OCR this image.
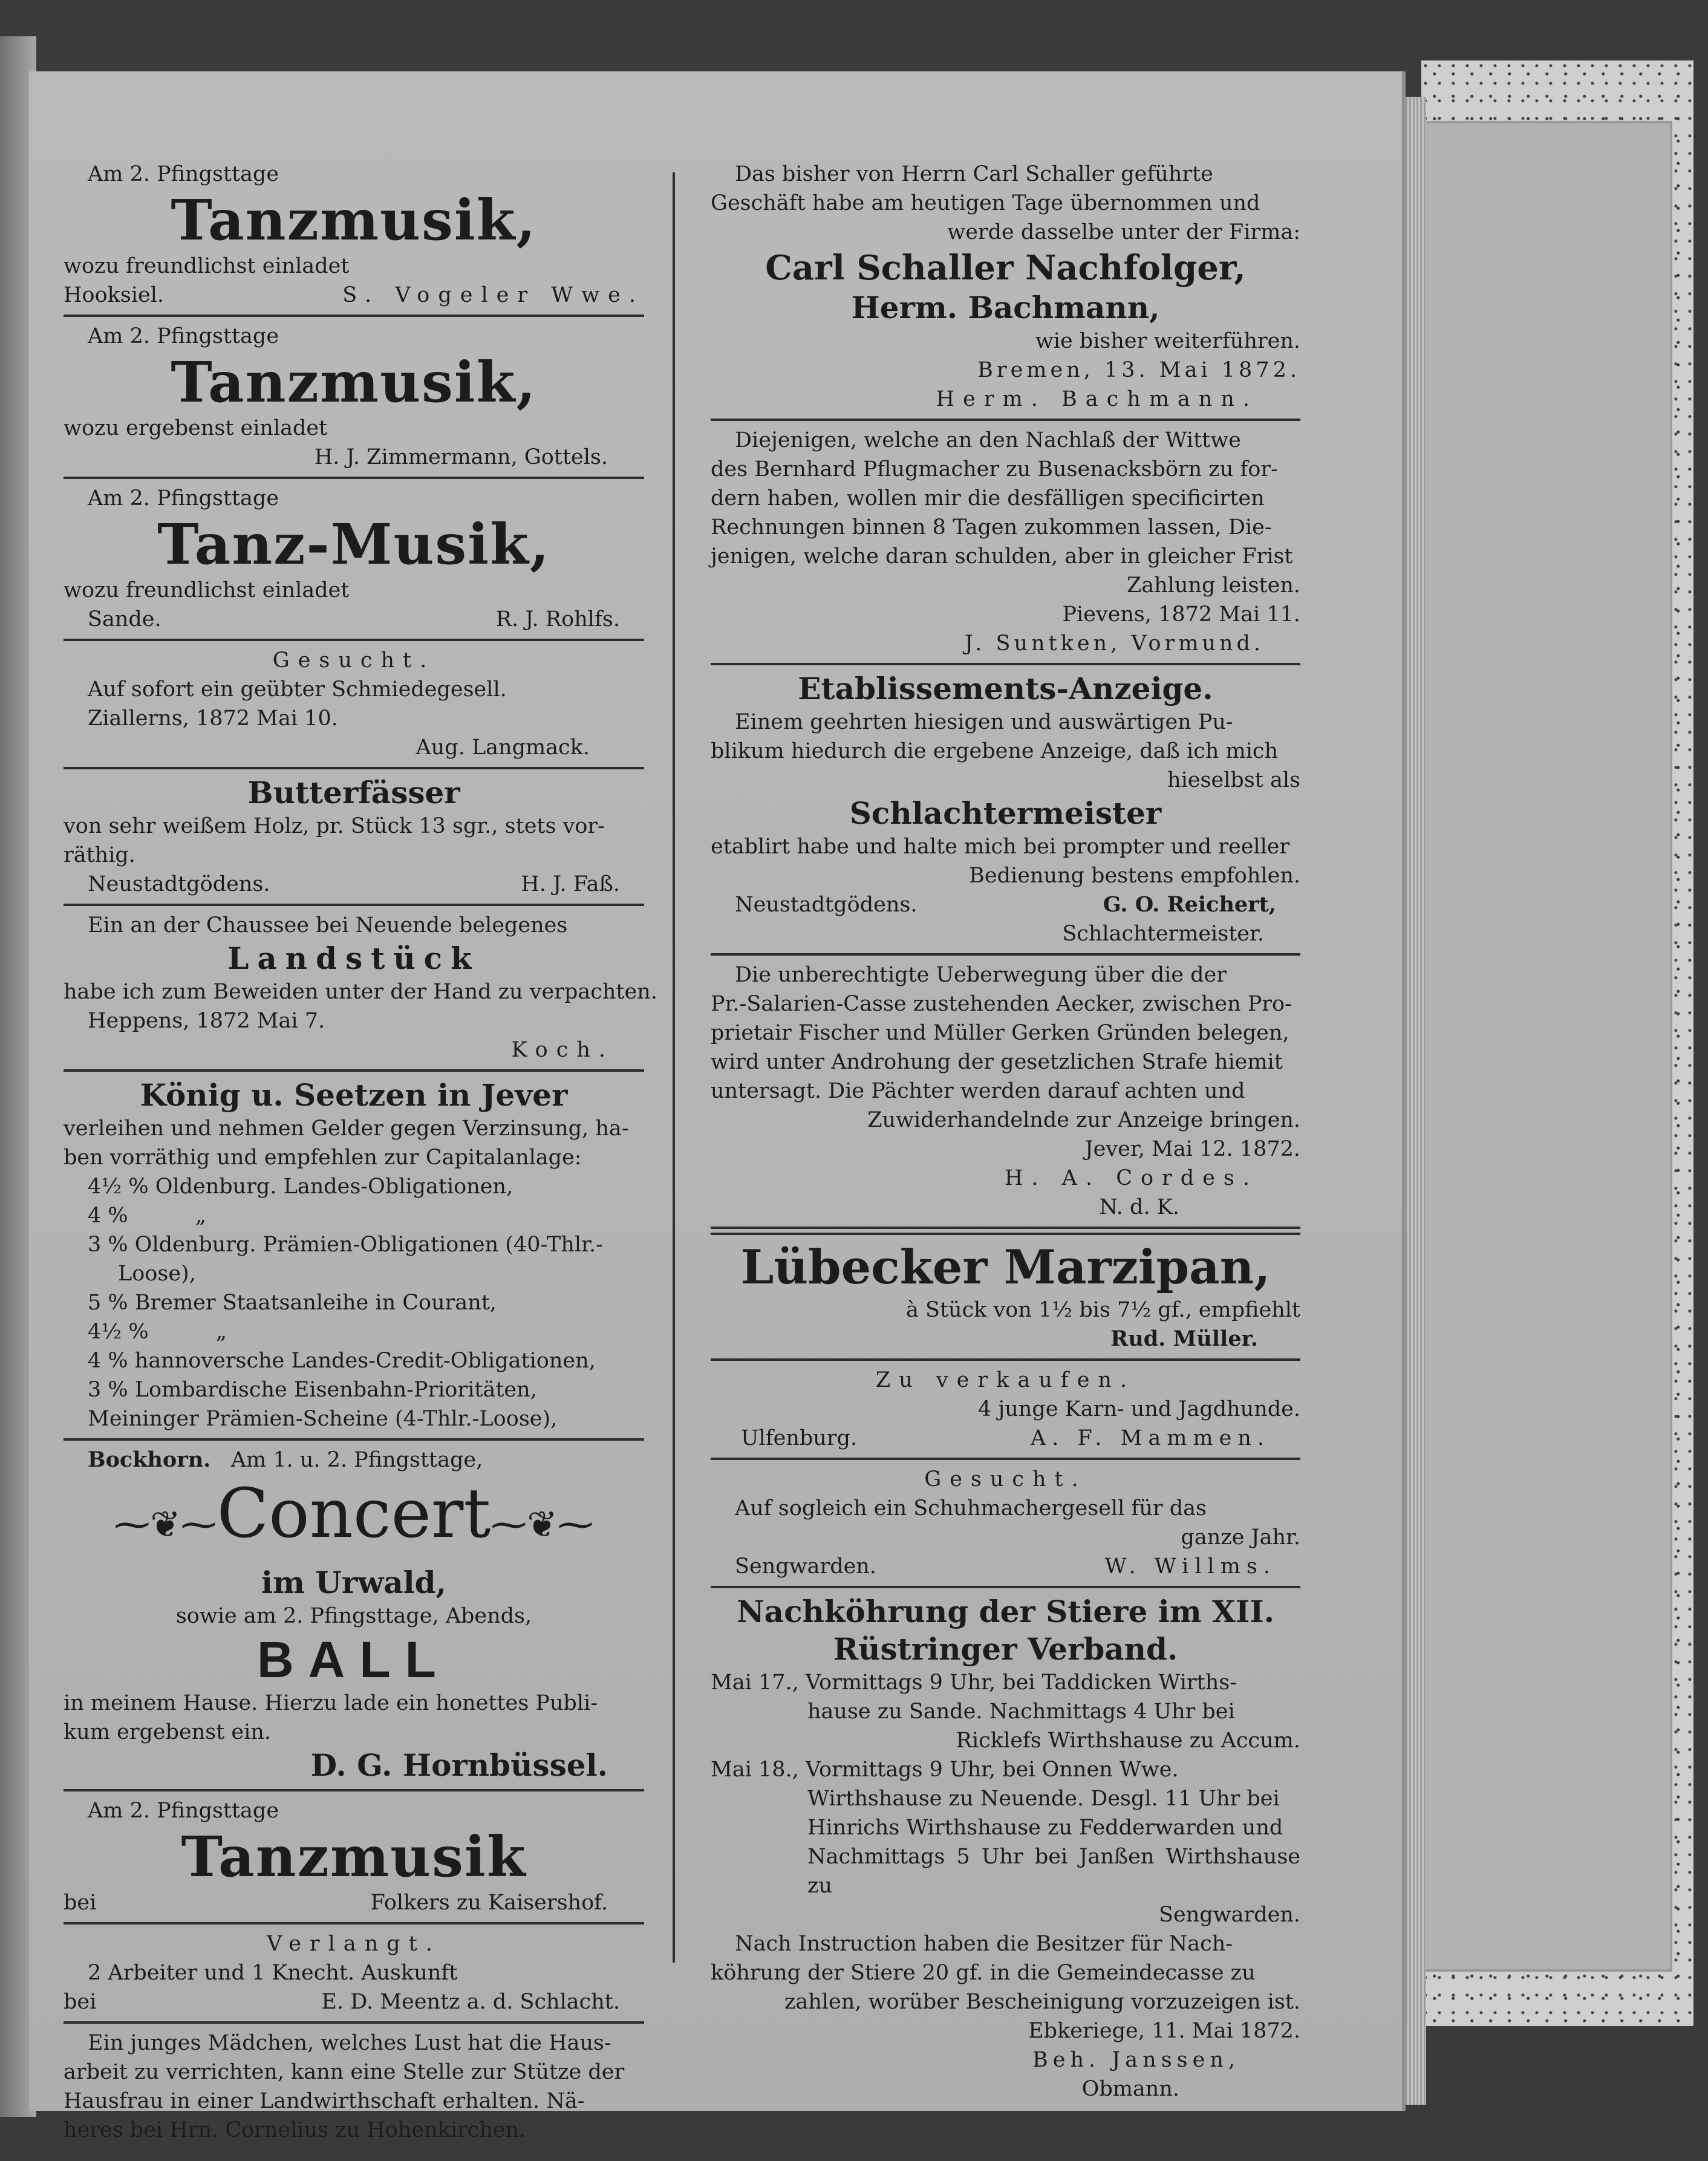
Am 2. Pfingsttage
Tanzmusik,
wozu freundlichst einladet
Hooksiel.	S. Vogeler Wwe.
Am 2. Pfingsttage
Tanzmusik,
wozu ergebenst einladet
H. J. Zimmermann, Gottels.
Am 2. Pfingsttage
Tanz-Musik,
wozu freundlichst einladet
Sande.	R. J. Rohlfs.
Gesucht.
Auf sofort ein geübter Schmiedegesell.
Ziallerns, 1872 Mai 10.
Aug. Langmack.
Butterfässer
von sehr weißem Holz, pr. Stück 13 sgr., stets vor-
räthig.
Neustadtgödens.	H. J. Faß.
Ein an der Chaussee bei Neuende belegenes
Landstück
habe ich zum Beweiden unter der Hand zu verpachten.
Heppens, 1872 Mai 7.
Koch.
König u. Seetzen in Jever
verleihen und nehmen Gelder gegen Verzinsung, ha-
ben vorräthig und empfehlen zur Capitalanlage:
4½ % Oldenburg. Landes-Obligationen,
4 %          „
3 % Oldenburg. Prämien-Obligationen (40-Thlr.-
Loose),
5 % Bremer Staatsanleihe in Courant,
4½ %          „
4 % hannoversche Landes-Credit-Obligationen,
3 % Lombardische Eisenbahn-Prioritäten,
Meininger Prämien-Scheine (4-Thlr.-Loose),
Bockhorn. Am 1. u. 2. Pfingsttage,
⁓❦⁓Concert⁓❦⁓
im Urwald,
sowie am 2. Pfingsttage, Abends,
BALL
in meinem Hause. Hierzu lade ein honettes Publi-
kum ergebenst ein.
D. G. Hornbüssel.
Am 2. Pfingsttage
Tanzmusik
bei	Folkers zu Kaisershof.
Verlangt.
2 Arbeiter und 1 Knecht. Auskunft
bei	E. D. Meentz a. d. Schlacht.
Ein junges Mädchen, welches Lust hat die Haus-
arbeit zu verrichten, kann eine Stelle zur Stütze der
Hausfrau in einer Landwirthschaft erhalten. Nä-
heres bei Hrn. Cornelius zu Hohenkirchen.
Das bisher von Herrn Carl Schaller geführte
Geschäft habe am heutigen Tage übernommen und
werde dasselbe unter der Firma:
Carl Schaller Nachfolger,
Herm. Bachmann,
wie bisher weiterführen.
Bremen, 13. Mai 1872.
Herm. Bachmann.
Diejenigen, welche an den Nachlaß der Wittwe
des Bernhard Pflugmacher zu Busenacksbörn zu for-
dern haben, wollen mir die desfälligen specificirten
Rechnungen binnen 8 Tagen zukommen lassen, Die-
jenigen, welche daran schulden, aber in gleicher Frist
Zahlung leisten.
Pievens, 1872 Mai 11.
J. Suntken, Vormund.
Etablissements-Anzeige.
Einem geehrten hiesigen und auswärtigen Pu-
blikum hiedurch die ergebene Anzeige, daß ich mich
hieselbst als
Schlachtermeister
etablirt habe und halte mich bei prompter und reeller
Bedienung bestens empfohlen.
Neustadtgödens.	G. O. Reichert,
Schlachtermeister.
Die unberechtigte Ueberwegung über die der
Pr.-Salarien-Casse zustehenden Aecker, zwischen Pro-
prietair Fischer und Müller Gerken Gründen belegen,
wird unter Androhung der gesetzlichen Strafe hiemit
untersagt. Die Pächter werden darauf achten und
Zuwiderhandelnde zur Anzeige bringen.
Jever, Mai 12. 1872.
H. A. Cordes.
N. d. K.
Lübecker Marzipan,
à Stück von 1½ bis 7½ gf., empfiehlt
Rud. Müller.
Zu verkaufen.
4 junge Karn- und Jagdhunde.
Ulfenburg.	A. F. Mammen.
Gesucht.
Auf sogleich ein Schuhmachergesell für das
ganze Jahr.
Sengwarden.	W. Willms.
Nachköhrung der Stiere im XII.
Rüstringer Verband.
Mai 17., Vormittags 9 Uhr, bei Taddicken Wirths-
hause zu Sande. Nachmittags 4 Uhr bei
Ricklefs Wirthshause zu Accum.
Mai 18., Vormittags 9 Uhr, bei Onnen Wwe.
Wirthshause zu Neuende. Desgl. 11 Uhr bei
Hinrichs Wirthshause zu Fedderwarden und
Nachmittags 5 Uhr bei Janßen Wirthshause zu
Sengwarden.
Nach Instruction haben die Besitzer für Nach-
köhrung der Stiere 20 gf. in die Gemeindecasse zu
zahlen, worüber Bescheinigung vorzuzeigen ist.
Ebkeriege, 11. Mai 1872.
Beh. Janssen,
Obmann.
